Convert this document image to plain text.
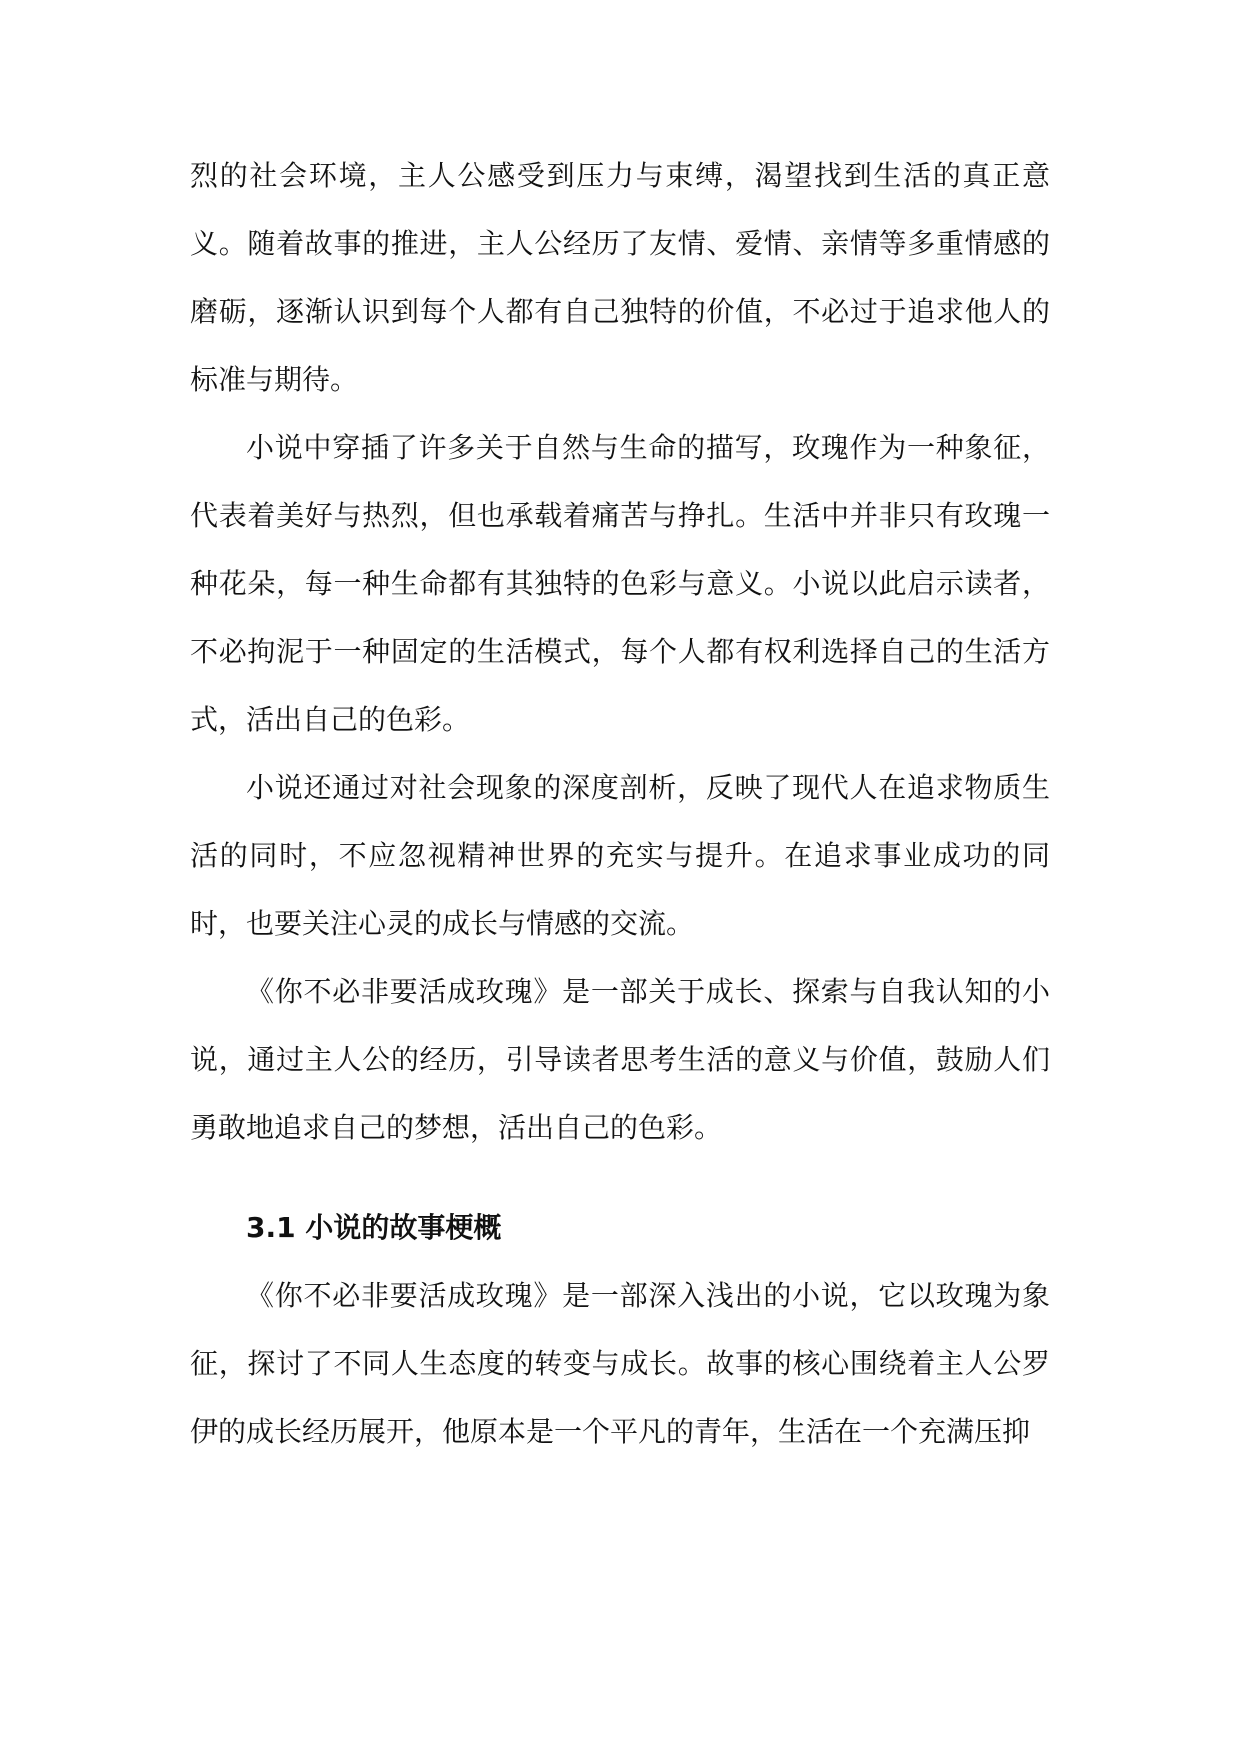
烈的社会环境，主人公感受到压力与束缚，渴望找到生活的真正意义。随着故事的推进，主人公经历了友情、爱情、亲情等多重情感的磨砺，逐渐认识到每个人都有自己独特的价值，不必过于追求他人的标准与期待。

小说中穿插了许多关于自然与生命的描写，玫瑰作为一种象征，代表着美好与热烈，但也承载着痛苦与挣扎。生活中并非只有玫瑰一种花朵，每一种生命都有其独特的色彩与意义。小说以此启示读者，不必拘泥于一种固定的生活模式，每个人都有权利选择自己的生活方式，活出自己的色彩。

小说还通过对社会现象的深度剖析，反映了现代人在追求物质生活的同时，不应忽视精神世界的充实与提升。在追求事业成功的同时，也要关注心灵的成长与情感的交流。

《你不必非要活成玫瑰》是一部关于成长、探索与自我认知的小说，通过主人公的经历，引导读者思考生活的意义与价值，鼓励人们勇敢地追求自己的梦想，活出自己的色彩。

3.1 小说的故事梗概

《你不必非要活成玫瑰》是一部深入浅出的小说，它以玫瑰为象征，探讨了不同人生态度的转变与成长。故事的核心围绕着主人公罗伊的成长经历展开，他原本是一个平凡的青年，生活在一个充满压抑
